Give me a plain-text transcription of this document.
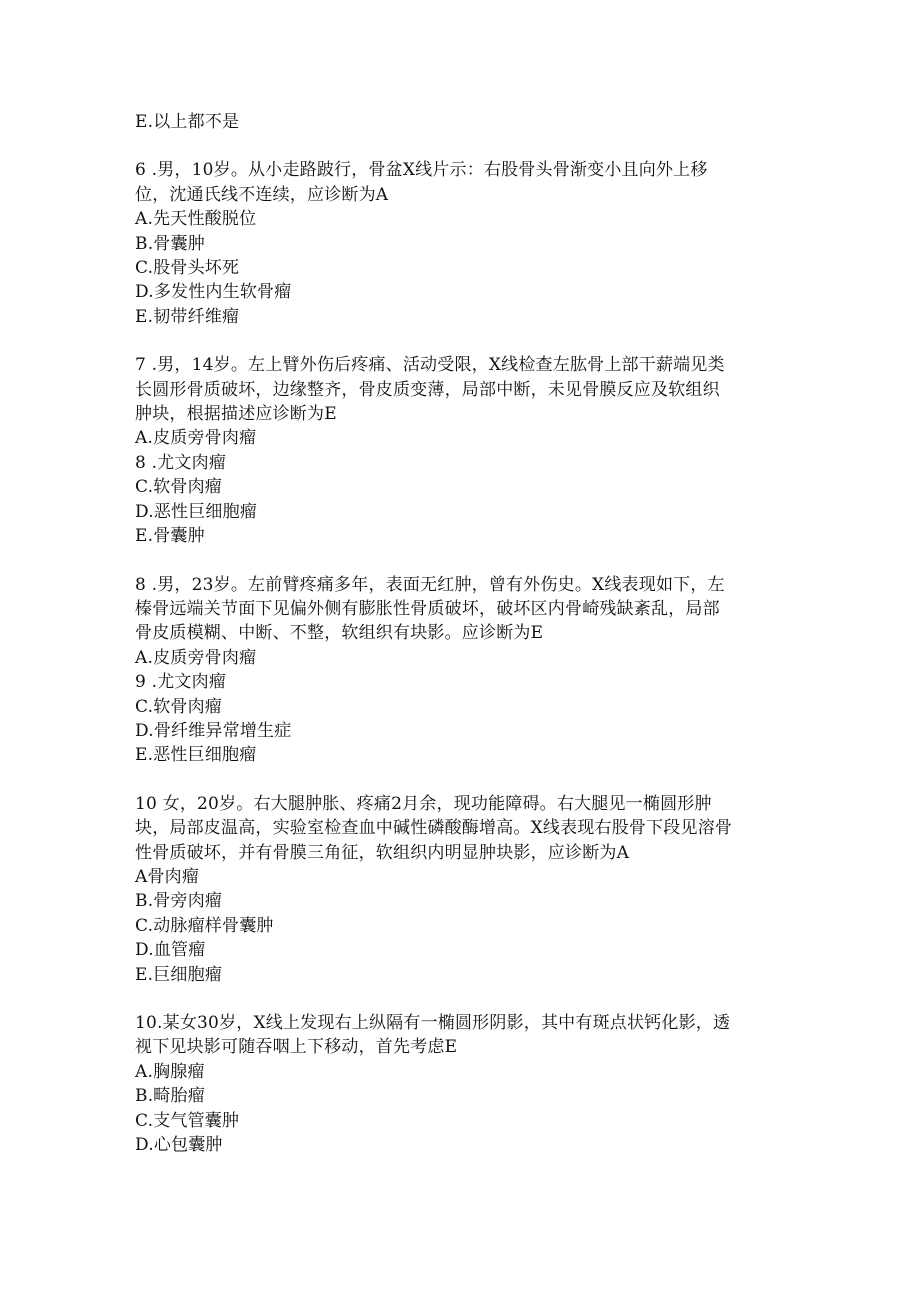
E.以上都不是
6 .男，10岁。从小走路跛行，骨盆X线片示：右股骨头骨渐变小且向外上移
位，沈通氏线不连续，应诊断为A
A.先天性酸脱位
B.骨囊肿
C.股骨头坏死
D.多发性内生软骨瘤
E.韧带纤维瘤
7 .男，14岁。左上臂外伤后疼痛、活动受限，X线检查左肱骨上部干薪端见类
长圆形骨质破坏，边缘整齐，骨皮质变薄，局部中断，未见骨膜反应及软组织
肿块，根据描述应诊断为E
A.皮质旁骨肉瘤
8 .尤文肉瘤
C.软骨肉瘤
D.恶性巨细胞瘤
E.骨囊肿
8 .男，23岁。左前臂疼痛多年，表面无红肿，曾有外伤史。X线表现如下，左
榛骨远端关节面下见偏外侧有膨胀性骨质破坏，破坏区内骨崎残缺紊乱，局部
骨皮质模糊、中断、不整，软组织有块影。应诊断为E
A.皮质旁骨肉瘤
9 .尤文肉瘤
C.软骨肉瘤
D.骨纤维异常增生症
E.恶性巨细胞瘤
10 女，20岁。右大腿肿胀、疼痛2月余，现功能障碍。右大腿见一椭圆形肿
块，局部皮温高，实验室检查血中碱性磷酸酶增高。X线表现右股骨下段见溶骨
性骨质破坏，并有骨膜三角征，软组织内明显肿块影，应诊断为A
A骨肉瘤
B.骨旁肉瘤
C.动脉瘤样骨囊肿
D.血管瘤
E.巨细胞瘤
10.某女30岁，X线上发现右上纵隔有一椭圆形阴影，其中有斑点状钙化影，透
视下见块影可随吞咽上下移动，首先考虑E
A.胸腺瘤
B.畸胎瘤
C.支气管囊肿
D.心包囊肿
